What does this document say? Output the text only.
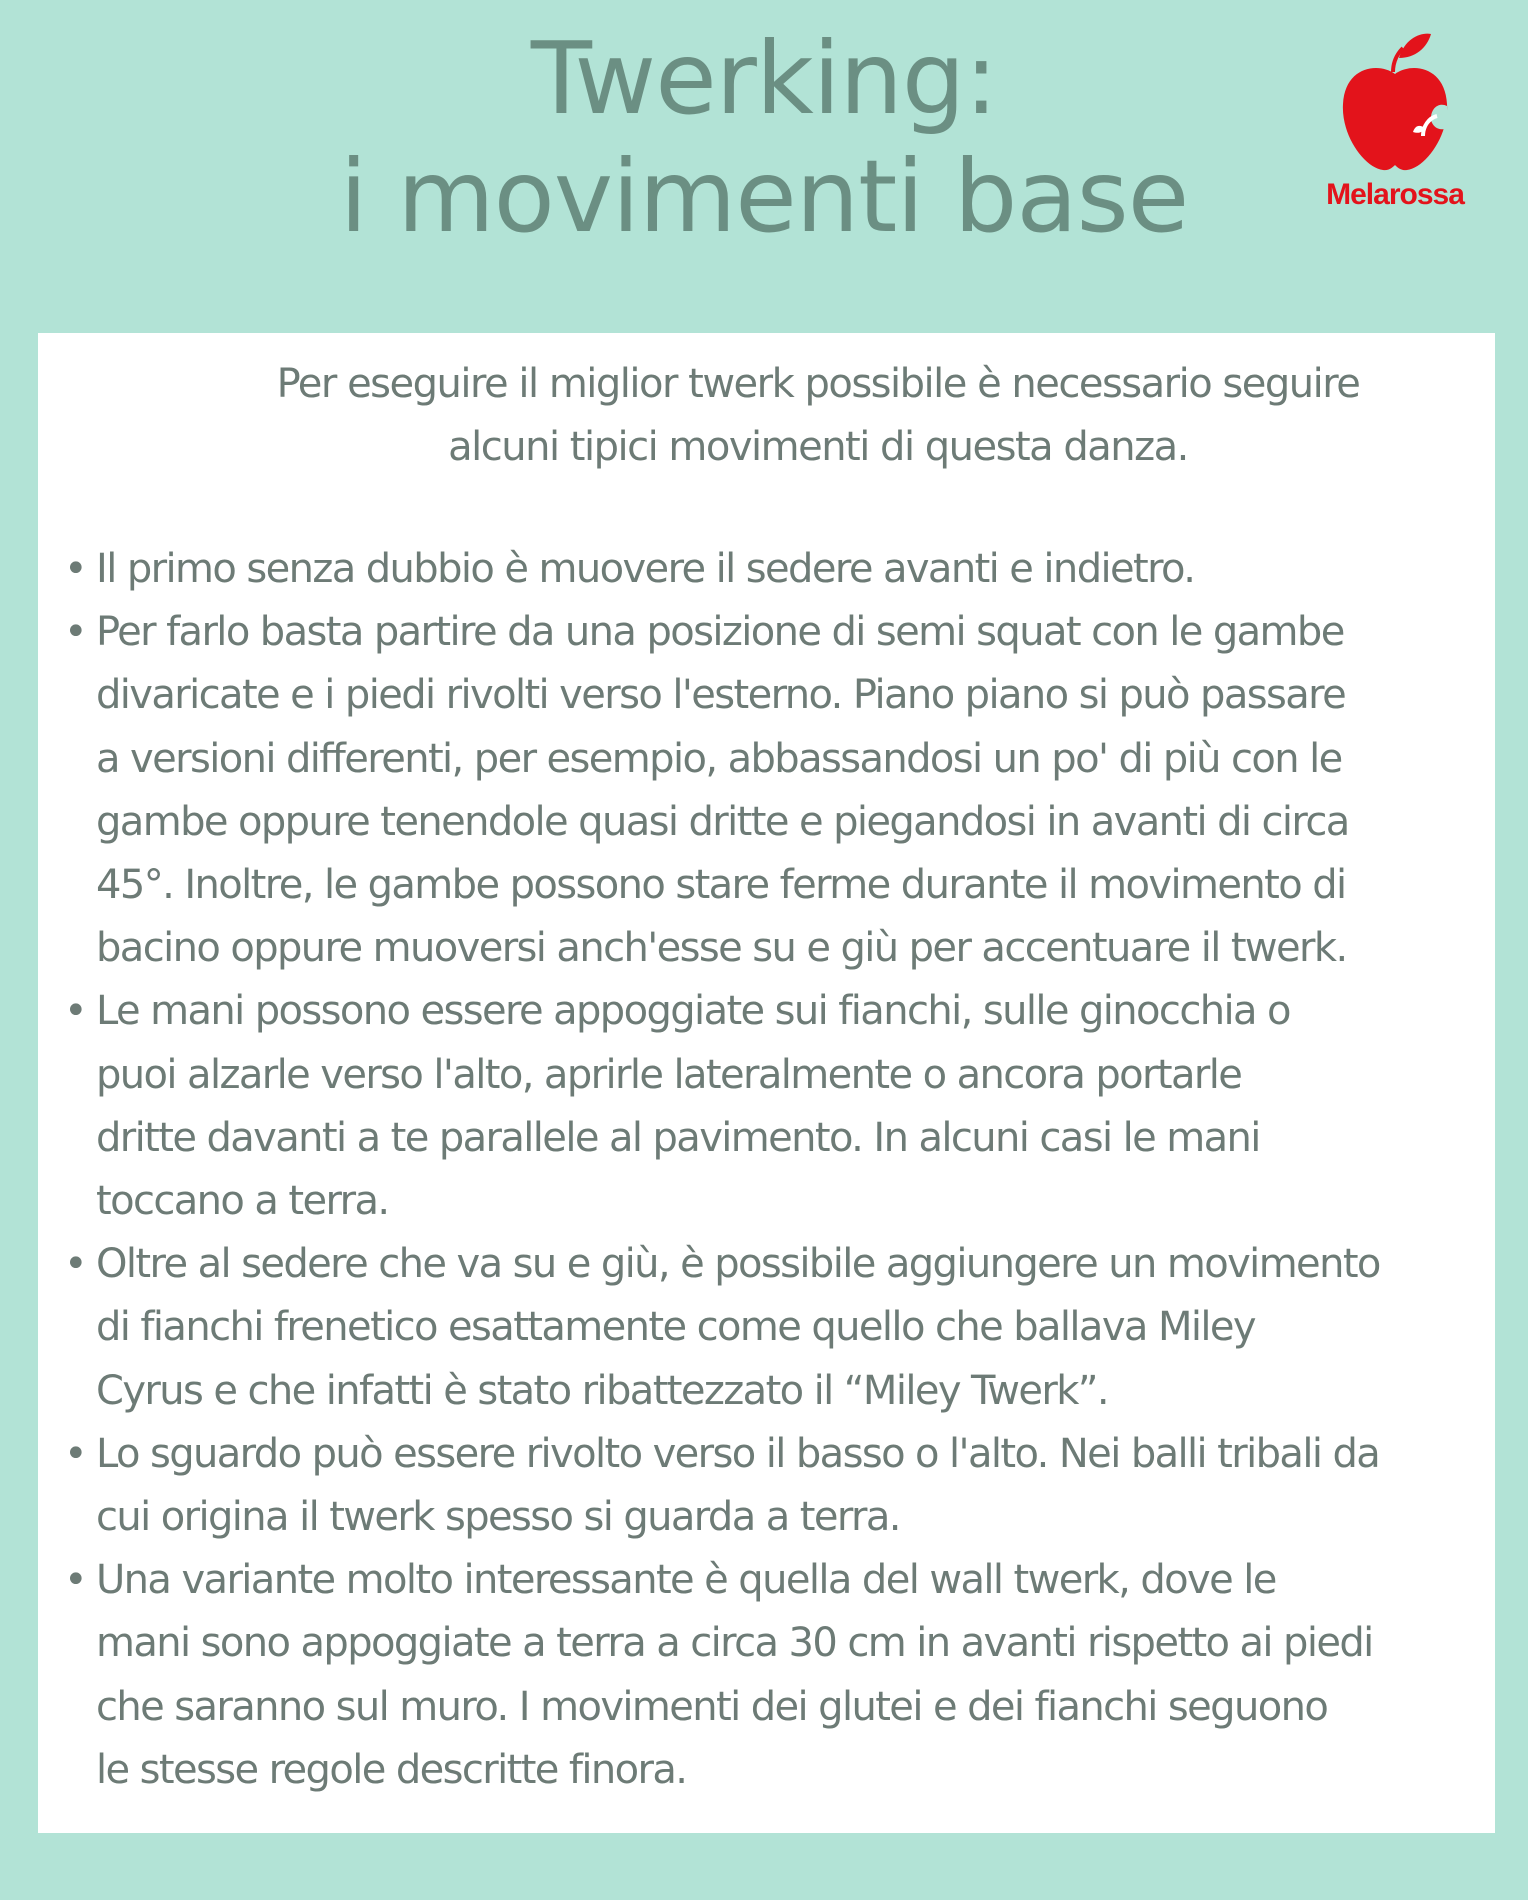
Twerking:
i movimenti base	Melarossa

Per eseguire il miglior twerk possibile è necessario seguire
alcuni tipici movimenti di questa danza.

• Il primo senza dubbio è muovere il sedere avanti e indietro.
• Per farlo basta partire da una posizione di semi squat con le gambe
divaricate e i piedi rivolti verso l'esterno. Piano piano si può passare
a versioni differenti, per esempio, abbassandosi un po' di più con le
gambe oppure tenendole quasi dritte e piegandosi in avanti di circa
45°. Inoltre, le gambe possono stare ferme durante il movimento di
bacino oppure muoversi anch'esse su e giù per accentuare il twerk.
• Le mani possono essere appoggiate sui fianchi, sulle ginocchia o
puoi alzarle verso l'alto, aprirle lateralmente o ancora portarle
dritte davanti a te parallele al pavimento. In alcuni casi le mani
toccano a terra.
• Oltre al sedere che va su e giù, è possibile aggiungere un movimento
di fianchi frenetico esattamente come quello che ballava Miley
Cyrus e che infatti è stato ribattezzato il “Miley Twerk”.
• Lo sguardo può essere rivolto verso il basso o l'alto. Nei balli tribali da
cui origina il twerk spesso si guarda a terra.
• Una variante molto interessante è quella del wall twerk, dove le
mani sono appoggiate a terra a circa 30 cm in avanti rispetto ai piedi
che saranno sul muro. I movimenti dei glutei e dei fianchi seguono
le stesse regole descritte finora.
